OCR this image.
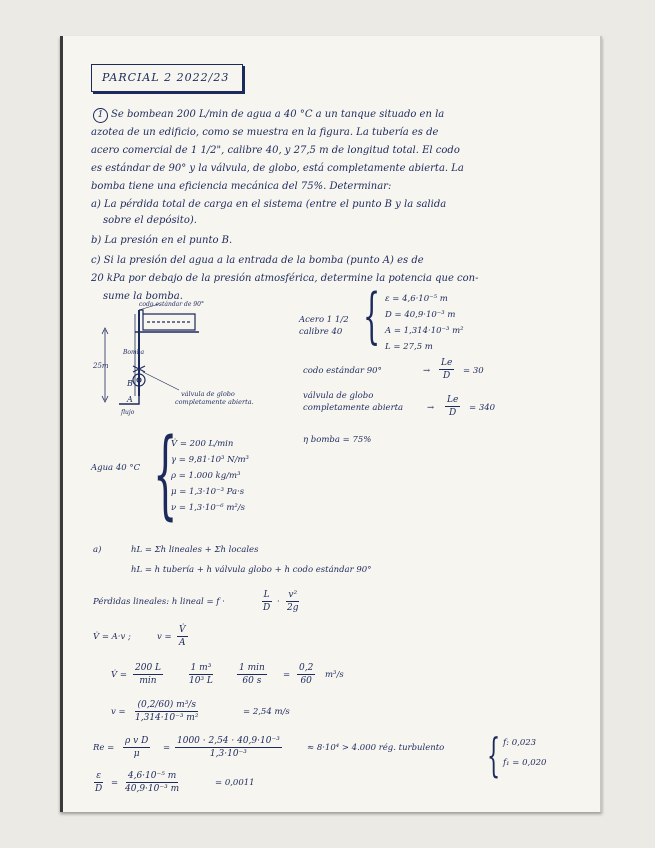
PARCIAL 2 2022/23
1 Se bombean 200 L/min de agua a 40 °C a un tanque situado en la
azotea de un edificio, como se muestra en la figura. La tubería es de
acero comercial de 1 1/2", calibre 40, y 27,5 m de longitud total. El codo
es estándar de 90° y la válvula, de globo, está completamente abierta. La
bomba tiene una eficiencia mecánica del 75%. Determinar:
a) La pérdida total de carga en el sistema (entre el punto B y la salida
sobre el depósito).
b) La presión en el punto B.
c) Si la presión del agua a la entrada de la bomba (punto A) es de
20 kPa por debajo de la presión atmosférica, determine la potencia que con-
sume la bomba.
codo estándar de 90°
25m
Bomba
B
A
válvula de globo
completamente abierta.
flujo
Acero 1 1/2
calibre 40 { ε = 4,6·10⁻⁵ m
D = 40,9·10⁻³ m
A = 1,314·10⁻³ m²
L = 27,5 m
codo estándar 90°	→ $\frac{Le}{D} = 30$
válvula de globo
completamente abierta	→ $\frac{Le}{D} = 340$
η bomba = 75%
Agua 40 °C {
V̇ = 200 L/min
γ = 9,81·10³ N/m³
ρ = 1.000 kg/m³
μ = 1,3·10⁻³ Pa·s
ν = 1,3·10⁻⁶ m²/s
a)	hL = Σh lineales + Σh locales
hL = h tubería + h válvula globo + h codo estándar 90°
Pérdidas lineales: h lineal = f ·	$\frac{L}{D} \cdot \frac{\text{v²}}{2g}$
V̇ = A·v ;	$v = \frac{V̇}{A}$
V̇ =
200 L
min	$\frac{\text{1 m³}}{\text{10³ L}}$	1 min
60 s
= $\frac{0,2}{60} m^3/s$
$v = \frac{\text{(0,2/60) m³/s}}{\text{1,314·10⁻³ m²}}$	= 2,54 m/s
$Re = \frac{\text{ρ v D}}{\mu} = \frac{\text{1000 · 2,54 · 40,9·10⁻³}}{\text{1,3·10⁻³}}$	≈ 8·10⁴ > 4.000 rég. turbulento
$\frac{\varepsilon}{D} = \frac{\text{4,6·10⁻⁵ m}}{\text{40,9·10⁻³ m}}$	= 0,0011
{ f: 0,023
f₁ = 0,020
